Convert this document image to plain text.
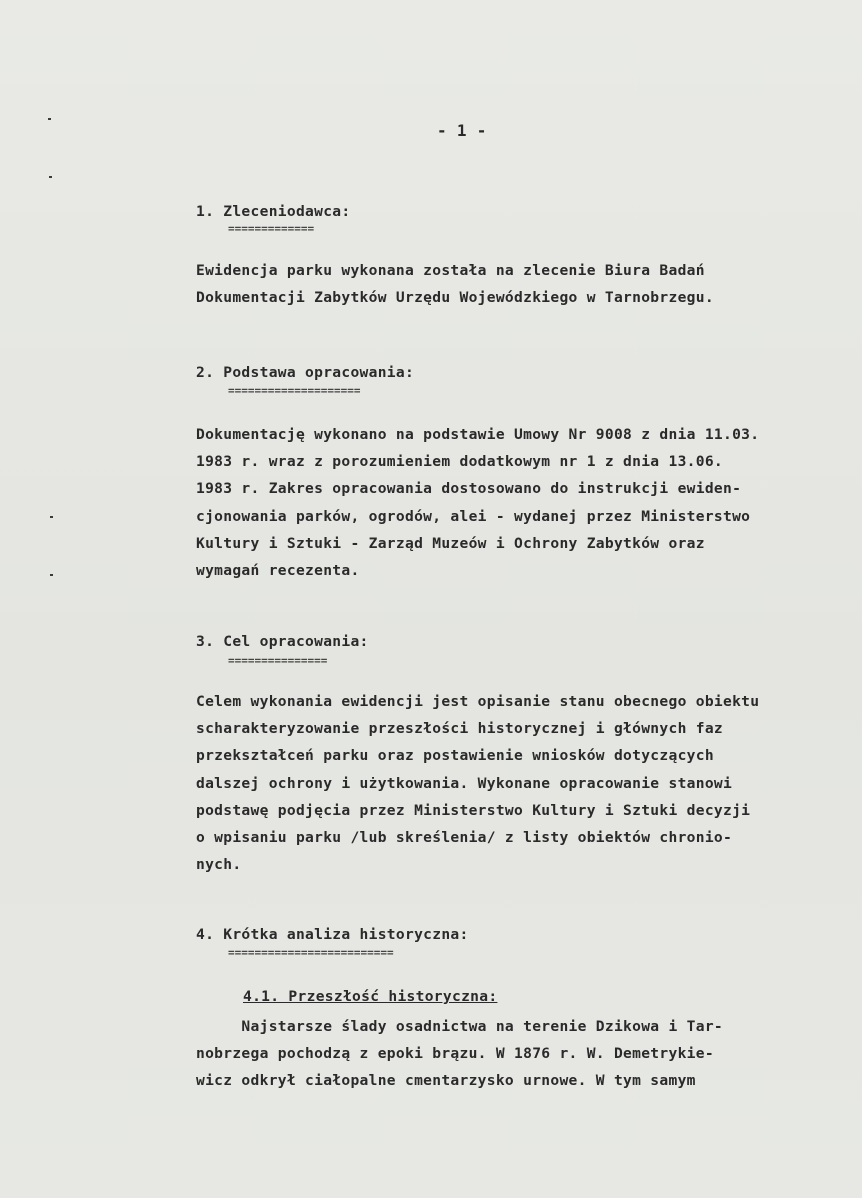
- 1 -
1. Zleceniodawca:
=============
Ewidencja parku wykonana została na zlecenie Biura Badań
Dokumentacji Zabytków Urzędu Wojewódzkiego w Tarnobrzegu.
2. Podstawa opracowania:
====================
Dokumentację wykonano na podstawie Umowy Nr 9008 z dnia 11.03.
1983 r. wraz z porozumieniem dodatkowym nr 1 z dnia 13.06.
1983 r. Zakres opracowania dostosowano do instrukcji ewiden-
cjonowania parków, ogrodów, alei - wydanej przez Ministerstwo
Kultury i Sztuki - Zarząd Muzeów i Ochrony Zabytków oraz
wymagań recezenta.
3. Cel opracowania:
===============
Celem wykonania ewidencji jest opisanie stanu obecnego obiektu
scharakteryzowanie przeszłości historycznej i głównych faz
przekształceń parku oraz postawienie wniosków dotyczących
dalszej ochrony i użytkowania. Wykonane opracowanie stanowi
podstawę podjęcia przez Ministerstwo Kultury i Sztuki decyzji
o wpisaniu parku /lub skreślenia/ z listy obiektów chronio-
nych.
4. Krótka analiza historyczna:
=========================
4.1. Przeszłość historyczna:
Najstarsze ślady osadnictwa na terenie Dzikowa i Tar-
nobrzega pochodzą z epoki brązu. W 1876 r. W. Demetrykie-
wicz odkrył ciałopalne cmentarzysko urnowe. W tym samym
